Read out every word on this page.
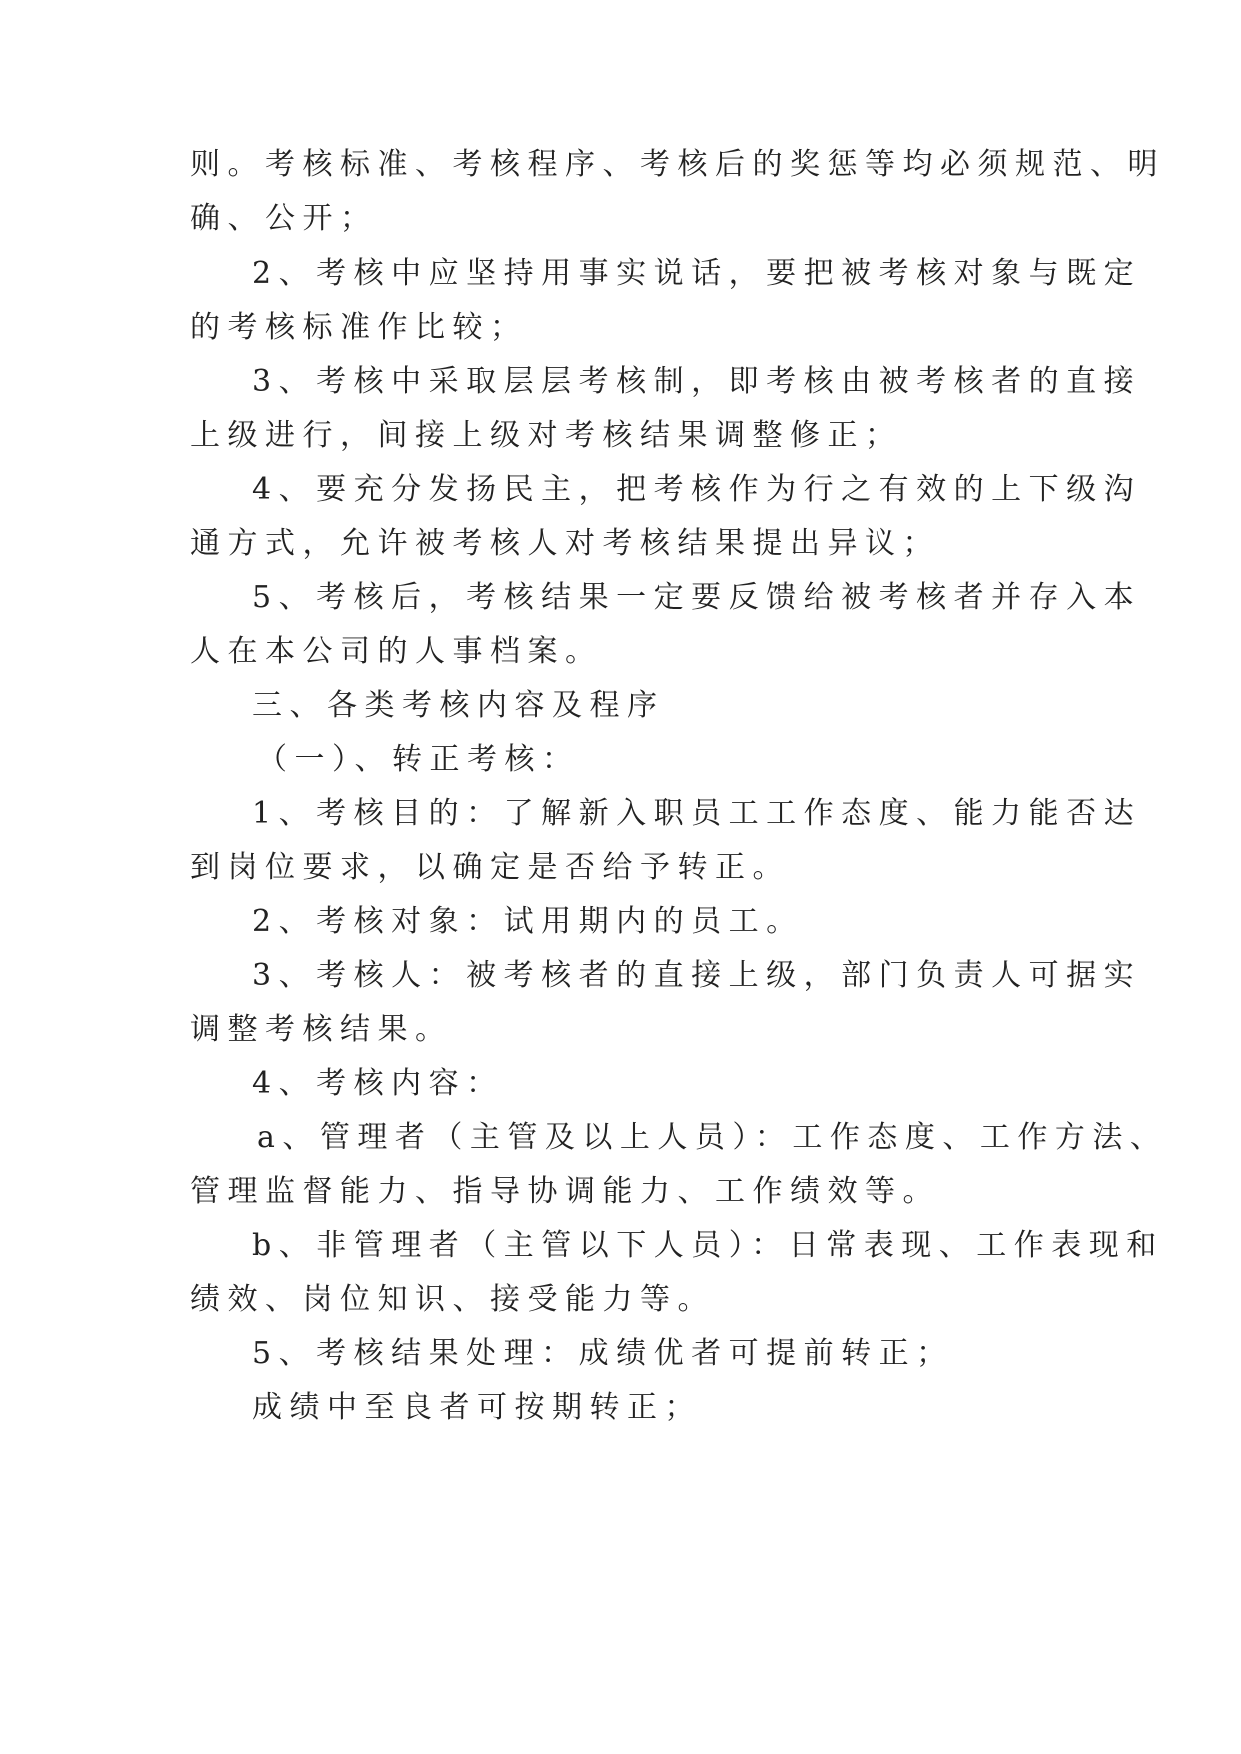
则。考核标准、考核程序、考核后的奖惩等均必须规范、明
确、公开；
2、考核中应坚持用事实说话，要把被考核对象与既定
的考核标准作比较；
3、考核中采取层层考核制，即考核由被考核者的直接
上级进行，间接上级对考核结果调整修正；
4、要充分发扬民主，把考核作为行之有效的上下级沟
通方式，允许被考核人对考核结果提出异议；
5、考核后，考核结果一定要反馈给被考核者并存入本
人在本公司的人事档案。
三、各类考核内容及程序
（一）、转正考核：
1、考核目的：了解新入职员工工作态度、能力能否达
到岗位要求，以确定是否给予转正。
2、考核对象：试用期内的员工。
3、考核人：被考核者的直接上级，部门负责人可据实
调整考核结果。
4、考核内容：
a、管理者（主管及以上人员）：工作态度、工作方法、
管理监督能力、指导协调能力、工作绩效等。
b、非管理者（主管以下人员）：日常表现、工作表现和
绩效、岗位知识、接受能力等。
5、考核结果处理：成绩优者可提前转正；
成绩中至良者可按期转正；
